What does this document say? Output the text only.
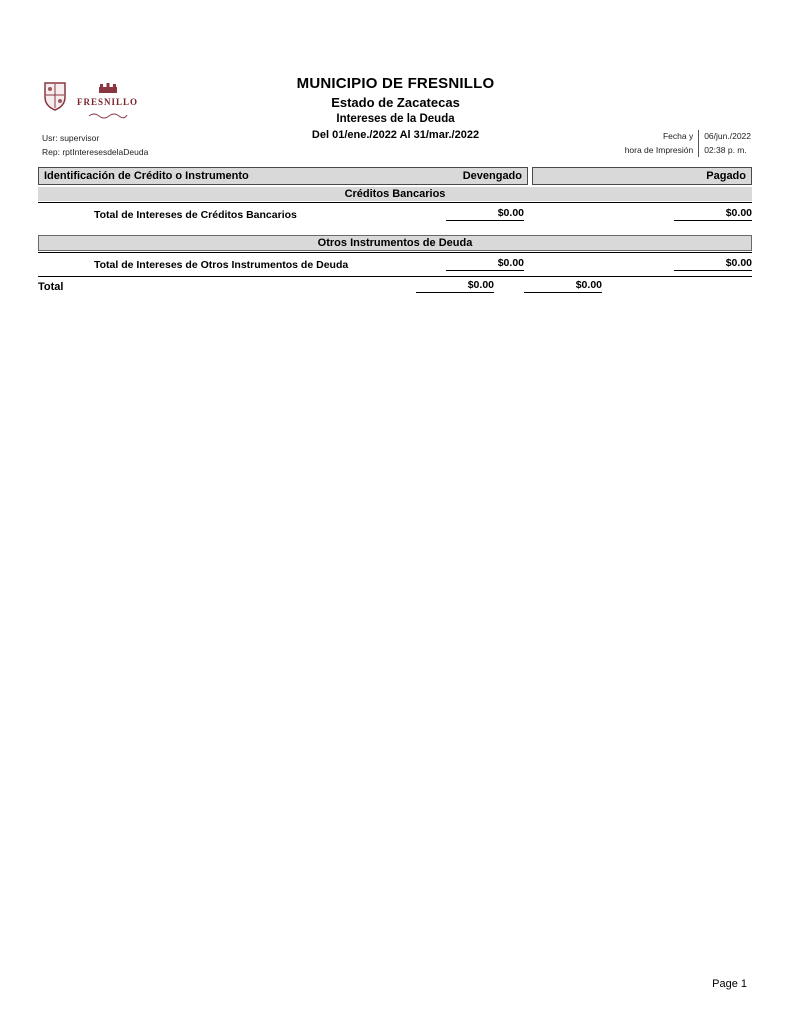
FRESNILLO
MUNICIPIO DE FRESNILLO
Estado de Zacatecas
Intereses de la Deuda
Del 01/ene./2022 Al 31/mar./2022
Usr: supervisor
Rep: rptInteresesdelaDeuda
Fecha y
hora de Impresión
06/jun./2022
02:38 p. m.
Identificación de Crédito o Instrumento	Devengado	Pagado
Créditos Bancarios
Total de Intereses de Créditos Bancarios	$0.00	$0.00
Otros Instrumentos de Deuda
Total de Intereses de Otros Instrumentos de Deuda	$0.00	$0.00
Total	$0.00	$0.00
Page 1
